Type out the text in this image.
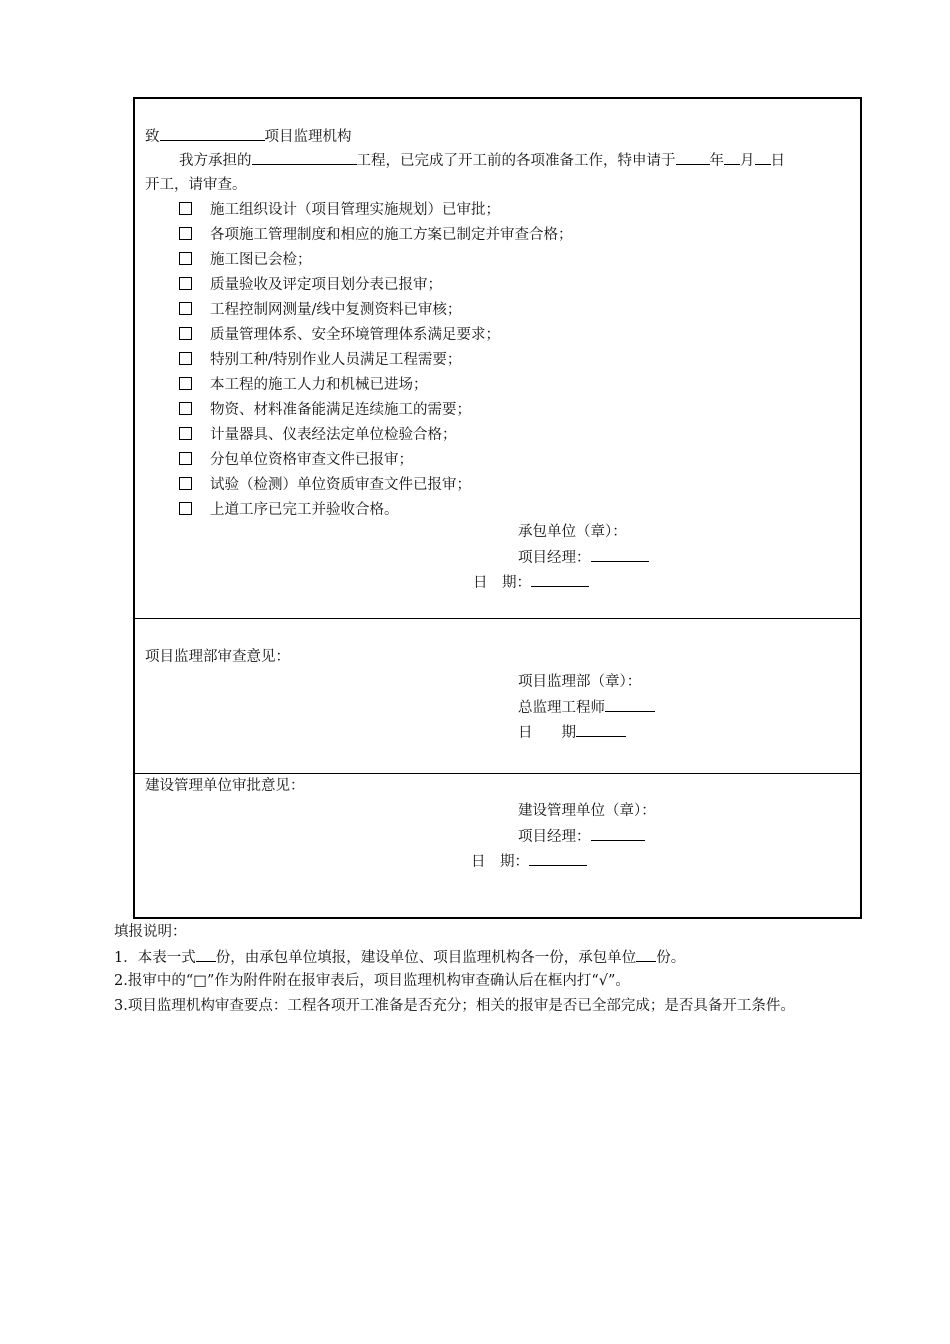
致	项目监理机构
我方承担的	工程，已完成了开工前的各项准备工作，特申请于 年 月 日
开工，请审查。
施工组织设计（项目管理实施规划）已审批；
各项施工管理制度和相应的施工方案已制定并审查合格；
施工图已会检；
质量验收及评定项目划分表已报审；
工程控制网测量/线中复测资料已审核；
质量管理体系、安全环境管理体系满足要求；
特别工种/特别作业人员满足工程需要；
本工程的施工人力和机械已进场；
物资、材料准备能满足连续施工的需要；
计量器具、仪表经法定单位检验合格；
分包单位资格审查文件已报审；
试验（检测）单位资质审查文件已报审；
上道工序已完工并验收合格。
承包单位（章）：
项目经理：
日　期：
项目监理部审查意见：
项目监理部（章）：
总监理工程师
日　　期
建设管理单位审批意见：
建设管理单位（章）：
项目经理：
日　期：
填报说明：
1．本表一式 份，由承包单位填报，建设单位、项目监理机构各一份，承包单位 份。
2.报审中的“□”作为附件附在报审表后，项目监理机构审查确认后在框内打“√”。
3.项目监理机构审查要点：工程各项开工准备是否充分；相关的报审是否已全部完成；是否具备开工条件。
